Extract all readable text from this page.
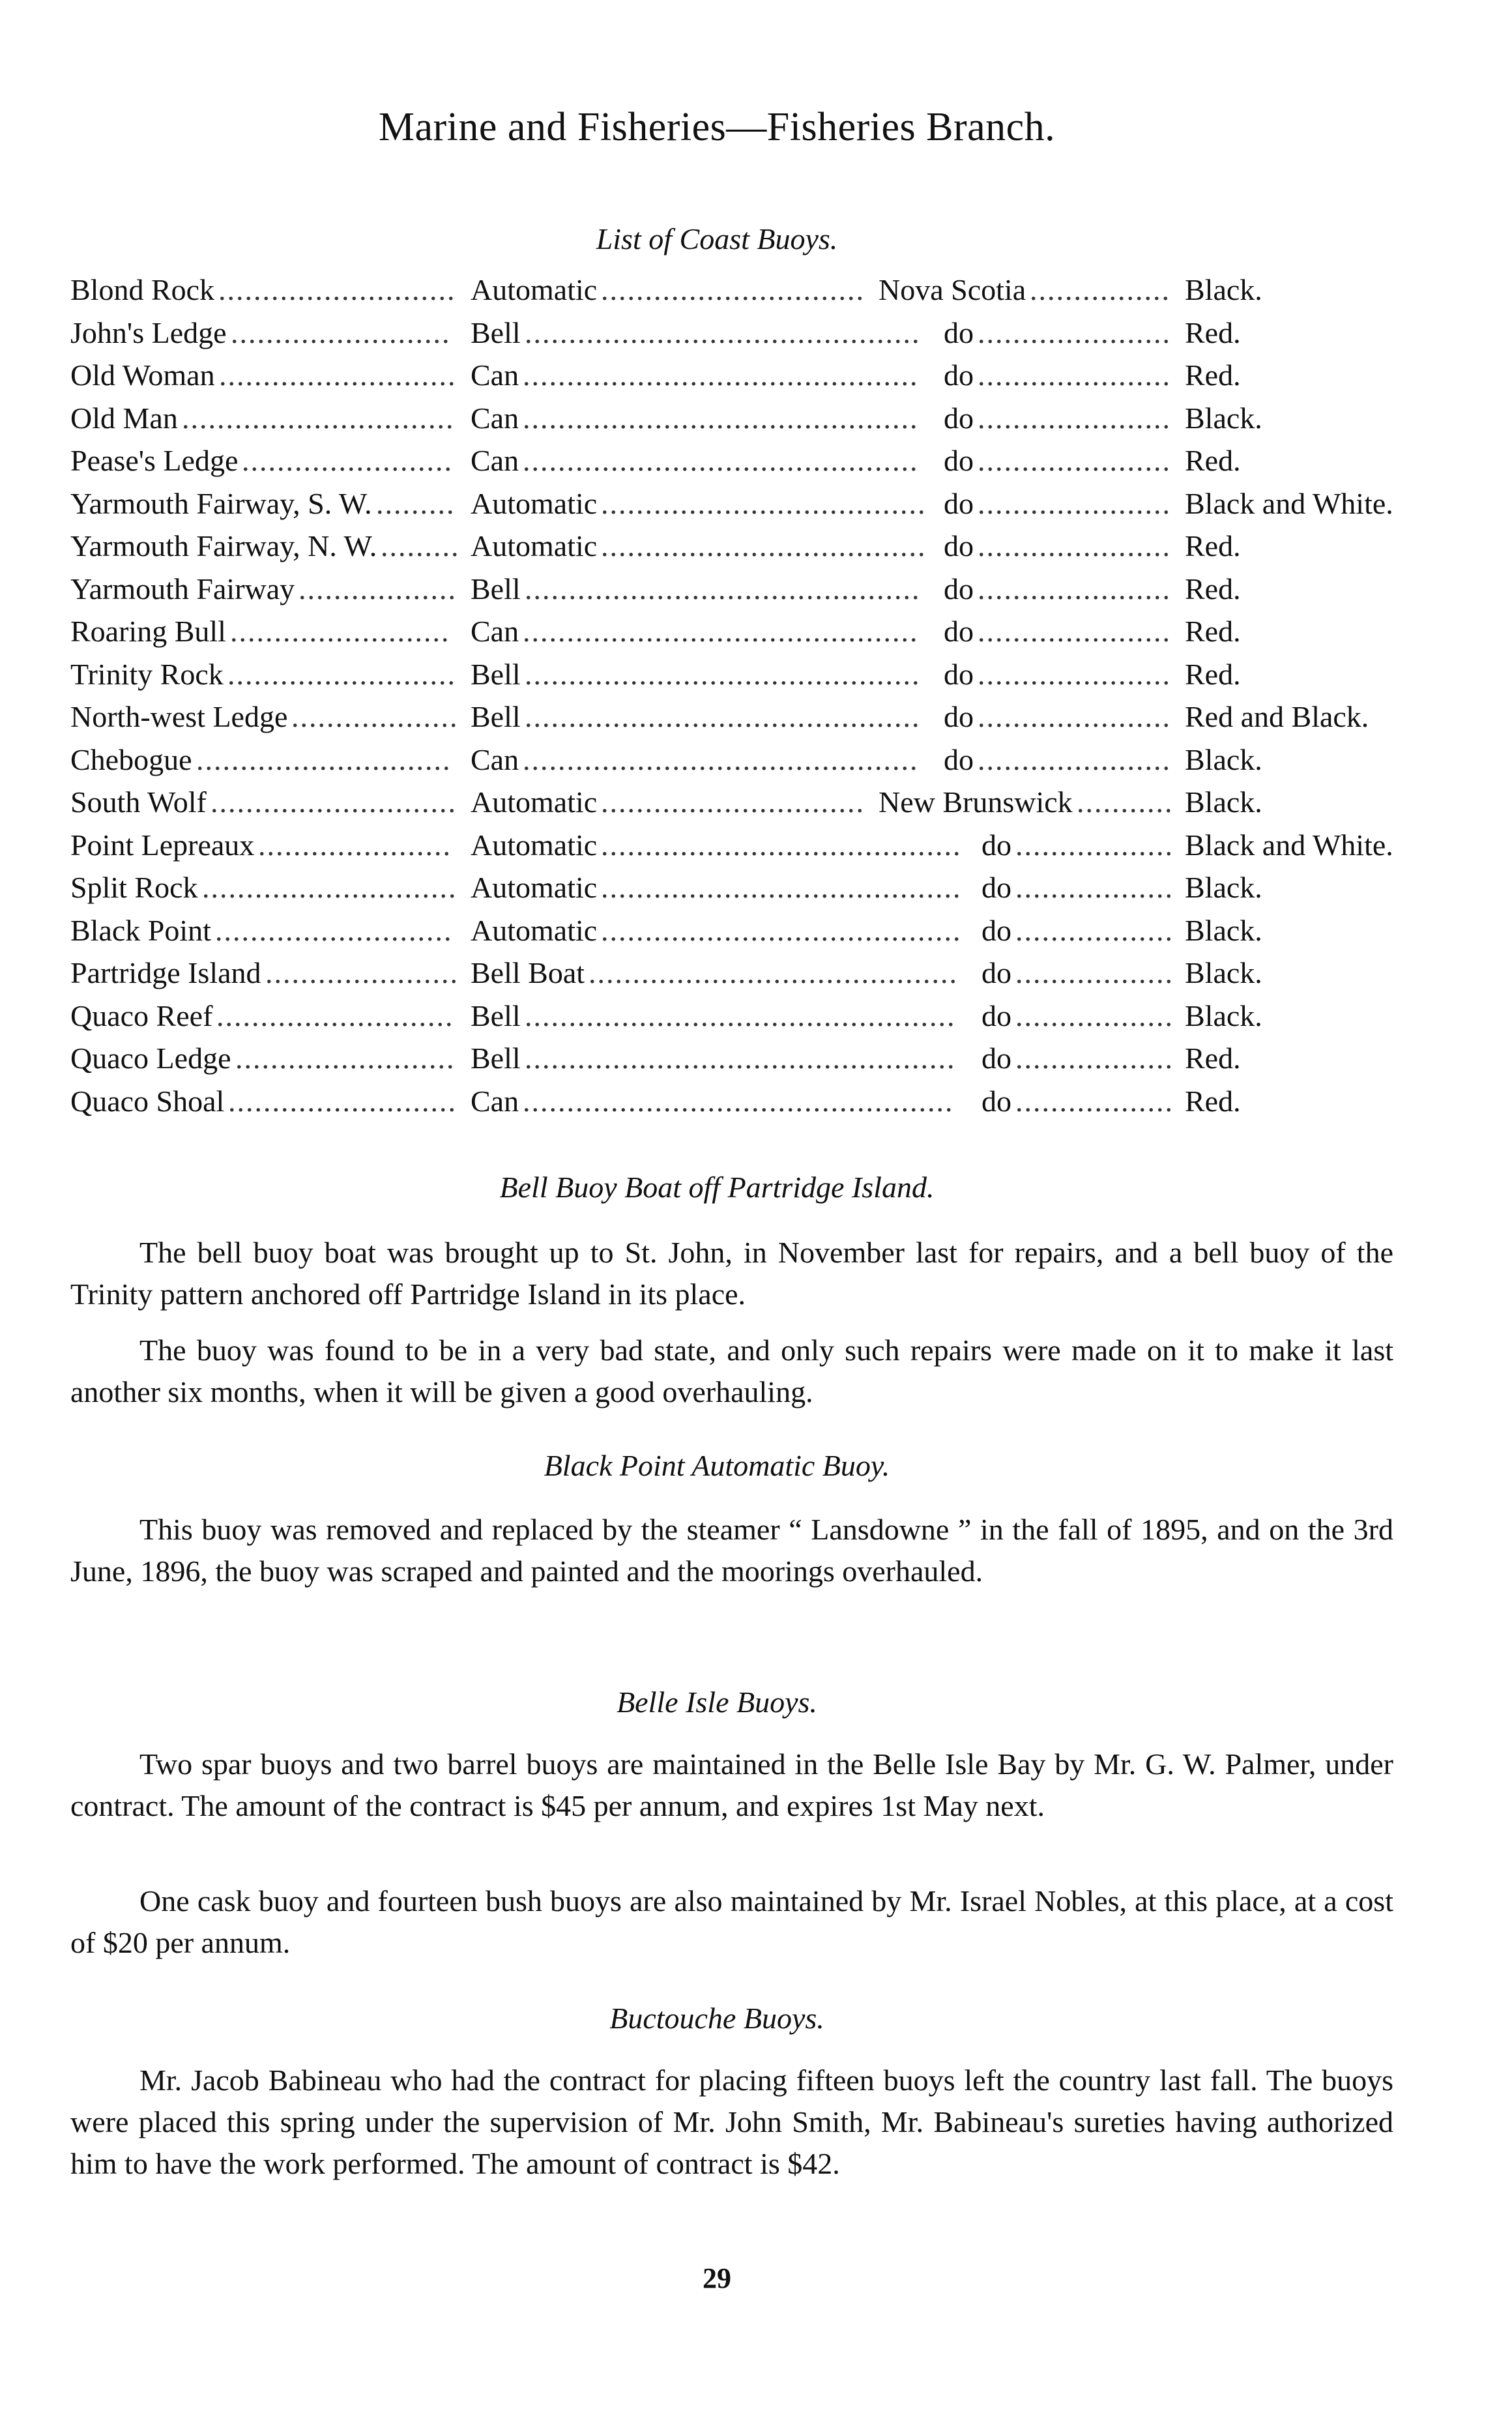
Marine and Fisheries—Fisheries Branch.
List of Coast Buoys.
Blond Rock	Automatic	Nova Scotia	Black.
...........................	..............................	................
John's Ledge	Bell	do	Red.
.........................	.............................................	......................
Old Woman	Can	do	Red.
...........................	.............................................	......................
Old Man	Can	do	Black.
...............................	.............................................	......................
Pease's Ledge	Can	do	Red.
........................	.............................................	......................
Yarmouth Fairway, S. W.	Automatic	do	Black and White.
.........	.....................................	......................
Yarmouth Fairway, N. W.	Automatic	do	Red.
.........	.....................................	......................
Yarmouth Fairway	Bell	do	Red.
..................	.............................................	......................
Roaring Bull	Can	do	Red.
.........................	.............................................	......................
Trinity Rock	Bell	do	Red.
..........................	.............................................	......................
North-west Ledge	Bell	do	Red and Black.
................... .............................................	......................
Chebogue	Can	do	Black.
.............................	.............................................	......................
South Wolf	Automatic	New Brunswick	Black.
............................	..............................	...........
Point Lepreaux	Automatic	do	Black and White.
......................	.........................................	..................
Split Rock	Automatic	do	Black.
.............................	.........................................	..................
Black Point	Automatic	do	Black.
...........................	.........................................	..................
Partridge Island	Bell Boat	do	Black.
......................	..........................................	..................
Quaco Reef	Bell	do	Black.
...........................	.................................................	..................
Quaco Ledge	Bell	do	Red.
.........................	.................................................	..................
Quaco Shoal	Can	do	Red.
..........................	.................................................	..................
Bell Buoy Boat off Partridge Island.
The bell buoy boat was brought up to St. John, in November last for repairs, and a bell buoy of the Trinity pattern anchored off Partridge Island in its place.
The buoy was found to be in a very bad state, and only such repairs were made on it to make it last another six months, when it will be given a good overhauling.
Black Point Automatic Buoy.
This buoy was removed and replaced by the steamer “ Lansdowne ” in the fall of 1895, and on the 3rd June, 1896, the buoy was scraped and painted and the moorings overhauled.
Belle Isle Buoys.
Two spar buoys and two barrel buoys are maintained in the Belle Isle Bay by Mr. G. W. Palmer, under contract. The amount of the contract is $45 per annum, and expires 1st May next.
One cask buoy and fourteen bush buoys are also maintained by Mr. Israel Nobles, at this place, at a cost of $20 per annum.
Buctouche Buoys.
Mr. Jacob Babineau who had the contract for placing fifteen buoys left the country last fall. The buoys were placed this spring under the supervision of Mr. John Smith, Mr. Babineau's sureties having authorized him to have the work performed. The amount of contract is $42.
29
